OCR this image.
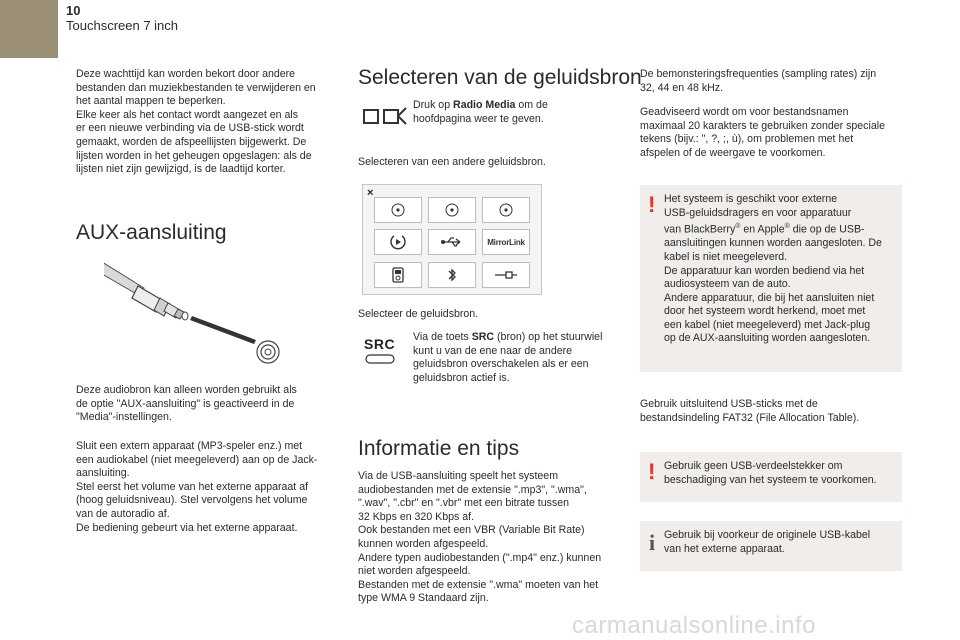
10
Touchscreen 7 inch
Deze wachttijd kan worden bekort door andere
bestanden dan muziekbestanden te verwijderen en
het aantal mappen te beperken.
Elke keer als het contact wordt aangezet en als
er een nieuwe verbinding via de USB-stick wordt
gemaakt, worden de afspeellijsten bijgewerkt. De
lijsten worden in het geheugen opgeslagen: als de
lijsten niet zijn gewijzigd, is de laadtijd korter.
AUX-aansluiting
Deze audiobron kan alleen worden gebruikt als
de optie "AUX-aansluiting" is geactiveerd in de
"Media"-instellingen.
Sluit een extern apparaat (MP3-speler enz.) met
een audiokabel (niet meegeleverd) aan op de Jack-
aansluiting.
Stel eerst het volume van het externe apparaat af
(hoog geluidsniveau). Stel vervolgens het volume
van de autoradio af.
De bediening gebeurt via het externe apparaat.
Selecteren van de geluidsbron
Druk op Radio Media om de
hoofdpagina weer te geven.
Selecteren van een andere geluidsbron.
×
MirrorLink
Selecteer de geluidsbron.
SRC	Via de toets SRC (bron) op het stuurwiel
kunt u van de ene naar de andere
geluidsbron overschakelen als er een
geluidsbron actief is.
Informatie en tips
Via de USB-aansluiting speelt het systeem
audiobestanden met de extensie ".mp3", ".wma",
".wav", ".cbr" en ".vbr" met een bitrate tussen
32 Kbps en 320 Kbps af.
Ook bestanden met een VBR (Variable Bit Rate)
kunnen worden afgespeeld.
Andere typen audiobestanden (".mp4" enz.) kunnen
niet worden afgespeeld.
Bestanden met de extensie ".wma" moeten van het
type WMA 9 Standaard zijn.
De bemonsteringsfrequenties (sampling rates) zijn
32, 44 en 48 kHz.
Geadviseerd wordt om voor bestandsnamen
maximaal 20 karakters te gebruiken zonder speciale
tekens (bijv.: ", ?, ;, ù), om problemen met het
afspelen of de weergave te voorkomen.
! Het systeem is geschikt voor externe
USB-geluidsdragers en voor apparatuur
van BlackBerry® en Apple® die op de USB-
aansluitingen kunnen worden aangesloten. De
kabel is niet meegeleverd.
De apparatuur kan worden bediend via het
audiosysteem van de auto.
Andere apparatuur, die bij het aansluiten niet
door het systeem wordt herkend, moet met
een kabel (niet meegeleverd) met Jack-plug
op de AUX-aansluiting worden aangesloten.
Gebruik uitsluitend USB-sticks met de
bestandsindeling FAT32 (File Allocation Table).
! Gebruik geen USB-verdeelstekker om
beschadiging van het systeem te voorkomen.
i Gebruik bij voorkeur de originele USB-kabel
van het externe apparaat.
carmanualsonline.info
